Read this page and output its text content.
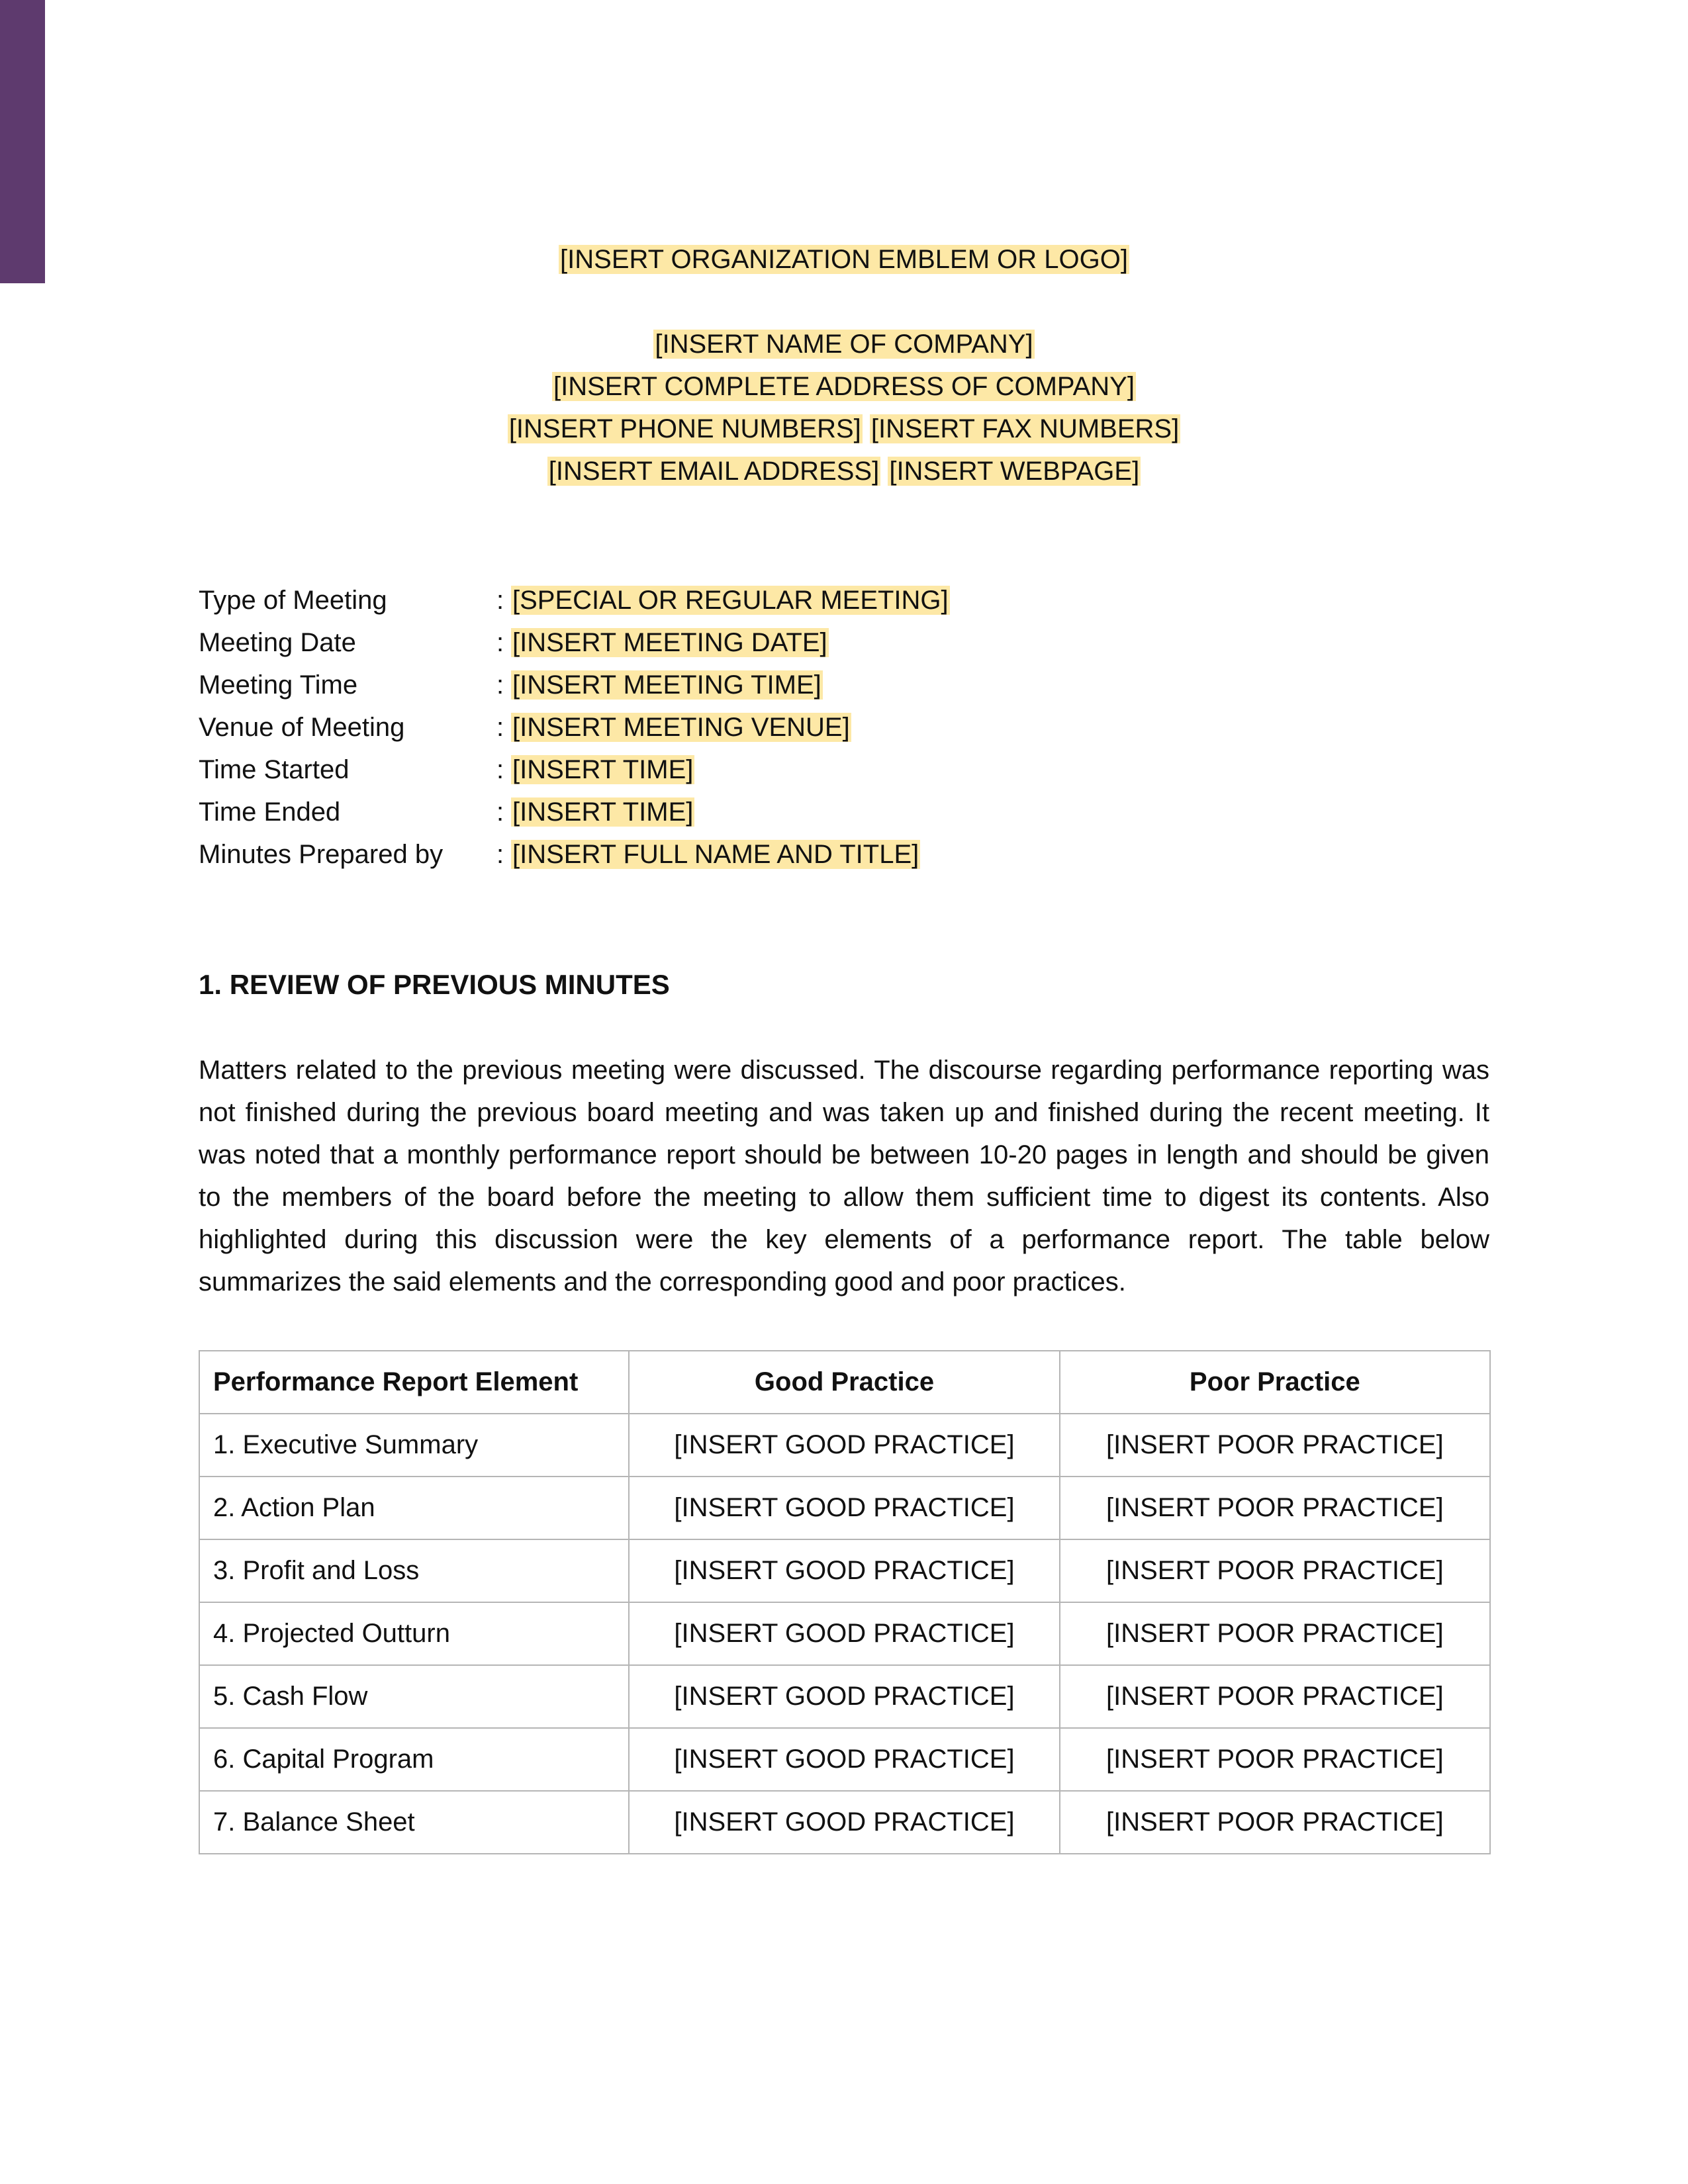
[INSERT ORGANIZATION EMBLEM OR LOGO]
[INSERT NAME OF COMPANY]
[INSERT COMPLETE ADDRESS OF COMPANY]
[INSERT PHONE NUMBERS] [INSERT FAX NUMBERS]
[INSERT EMAIL ADDRESS] [INSERT WEBPAGE]
Type of Meeting	: [SPECIAL OR REGULAR MEETING]
Meeting Date	: [INSERT MEETING DATE]
Meeting Time	: [INSERT MEETING TIME]
Venue of Meeting	: [INSERT MEETING VENUE]
Time Started	: [INSERT TIME]
Time Ended	: [INSERT TIME]
Minutes Prepared by	: [INSERT FULL NAME AND TITLE]
1. REVIEW OF PREVIOUS MINUTES
Matters related to the previous meeting were discussed. The discourse regarding performance reporting was not finished during the previous board meeting and was taken up and finished during the recent meeting. It was noted that a monthly performance report should be between 10-20 pages in length and should be given to the members of the board before the meeting to allow them sufficient time to digest its contents. Also highlighted during this discussion were the key elements of a performance report. The table below summarizes the said elements and the corresponding good and poor practices.
Performance Report Element	Good Practice	Poor Practice
1. Executive Summary	[INSERT GOOD PRACTICE]	[INSERT POOR PRACTICE]
2. Action Plan	[INSERT GOOD PRACTICE]	[INSERT POOR PRACTICE]
3. Profit and Loss	[INSERT GOOD PRACTICE]	[INSERT POOR PRACTICE]
4. Projected Outturn	[INSERT GOOD PRACTICE]	[INSERT POOR PRACTICE]
5. Cash Flow	[INSERT GOOD PRACTICE]	[INSERT POOR PRACTICE]
6. Capital Program	[INSERT GOOD PRACTICE]	[INSERT POOR PRACTICE]
7. Balance Sheet	[INSERT GOOD PRACTICE]	[INSERT POOR PRACTICE]
